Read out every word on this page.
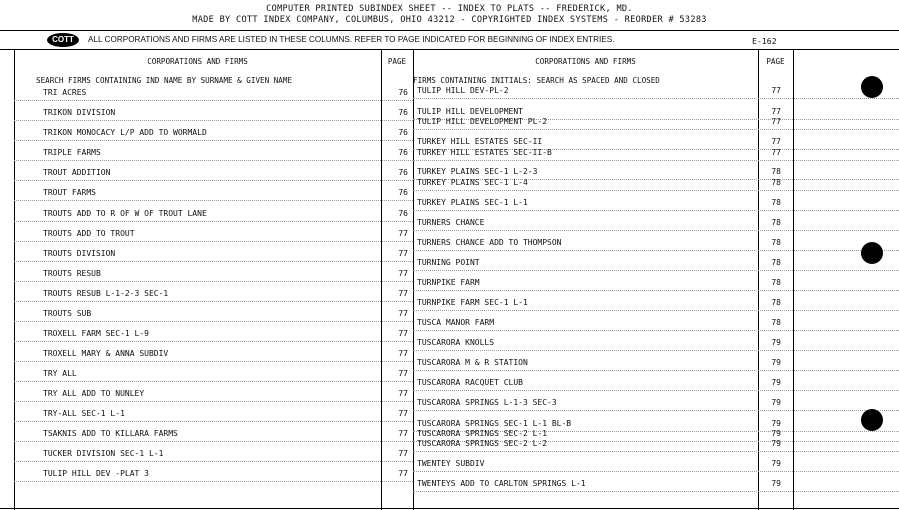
COMPUTER PRINTED SUBINDEX SHEET -- INDEX TO PLATS -- FREDERICK, MD.
MADE BY COTT INDEX COMPANY, COLUMBUS, OHIO 43212 - COPYRIGHTED INDEX SYSTEMS - REORDER # 53283
COTT	ALL CORPORATIONS AND FIRMS ARE LISTED IN THESE COLUMNS. REFER TO PAGE INDICATED FOR BEGINNING OF INDEX ENTRIES.	E-162
CORPORATIONS AND FIRMS	PAGE	CORPORATIONS AND FIRMS	PAGE
SEARCH FIRMS CONTAINING IND NAME BY SURNAME & GIVEN NAME	FIRMS CONTAINING INITIALS: SEARCH AS SPACED AND CLOSED
TRI ACRES	76
TRIKON DIVISION	76
TRIKON MONOCACY L/P ADD TO WORMALD	76
TRIPLE FARMS	76
TROUT ADDITION	76
TROUT FARMS	76
TROUTS ADD TO R OF W OF TROUT LANE	76
TROUTS ADD TO TROUT	77
TROUTS DIVISION	77
TROUTS RESUB	77
TROUTS RESUB L-1-2-3 SEC-1	77
TROUTS SUB	77
TROXELL FARM SEC-1 L-9	77
TROXELL MARY & ANNA SUBDIV	77
TRY ALL	77
TRY ALL ADD TO NUNLEY	77
TRY-ALL SEC-1 L-1	77
TSAKNIS ADD TO KILLARA FARMS	77
TUCKER DIVISION SEC-1 L-1	77
TULIP HILL DEV -PLAT 3	77
TULIP HILL DEV-PL-2	77
TULIP HILL DEVELOPMENT	77
TULIP HILL DEVELOPMENT PL-2	77
TURKEY HILL ESTATES SEC-II	77
TURKEY HILL ESTATES SEC-II-B	77
TURKEY PLAINS SEC-1 L-2-3	78
TURKEY PLAINS SEC-1 L-4	78
TURKEY PLAINS SEC-1 L-1	78
TURNERS CHANCE	78
TURNERS CHANCE ADD TO THOMPSON	78
TURNING POINT	78
TURNPIKE FARM	78
TURNPIKE FARM SEC-1 L-1	78
TUSCA MANOR FARM	78
TUSCARORA KNOLLS	79
TUSCARORA M & R STATION	79
TUSCARORA RACQUET CLUB	79
TUSCARORA SPRINGS L-1-3 SEC-3	79
TUSCARORA SPRINGS SEC-1 L-1 BL-B	79
TUSCARORA SPRINGS SEC-2 L-1	79
TUSCARORA SPRINGS SEC-2 L-2	79
TWENTEY SUBDIV	79
TWENTEYS ADD TO CARLTON SPRINGS L-1	79
